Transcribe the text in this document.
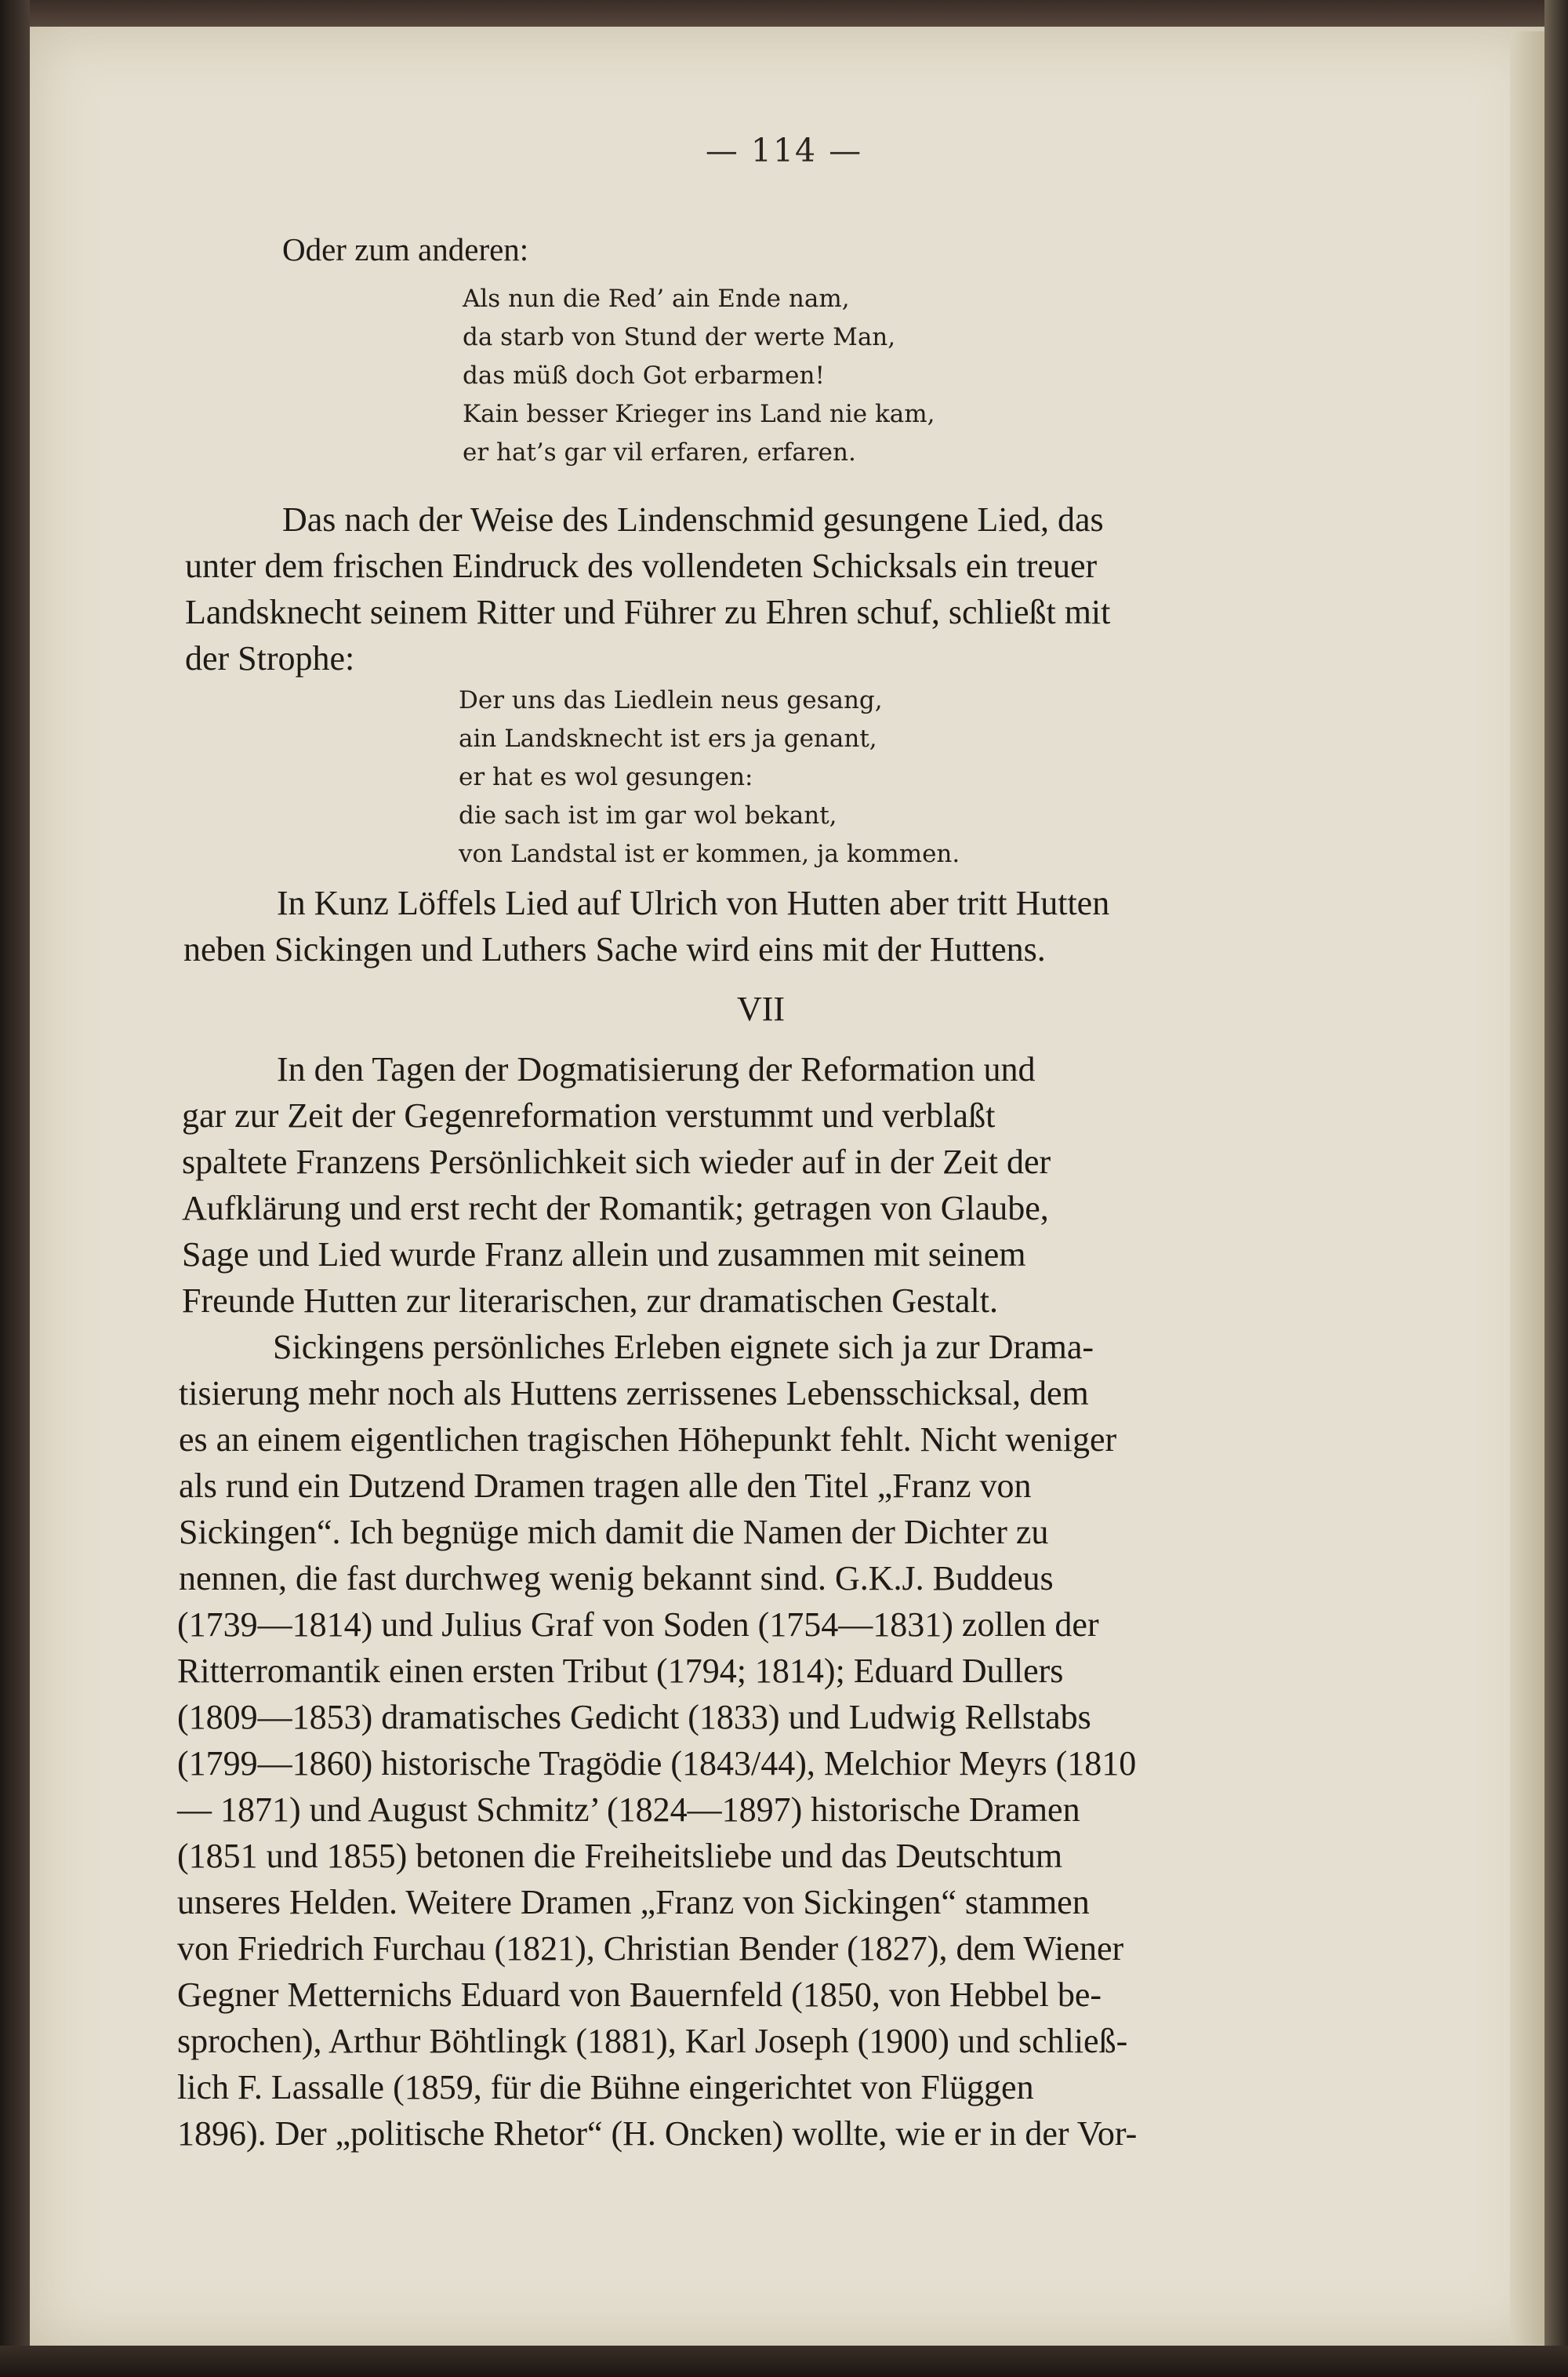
— 114 —

Oder zum anderen:

Als nun die Red’ ain Ende nam,

da starb von Stund der werte Man,

das müß doch Got erbarmen!

Kain besser Krieger ins Land nie kam,

er hat’s gar vil erfaren, erfaren.

Das nach der Weise des Lindenschmid gesungene Lied, das

unter dem frischen Eindruck des vollendeten Schicksals ein treuer

Landsknecht seinem Ritter und Führer zu Ehren schuf, schließt mit

der Strophe:

Der uns das Liedlein neus gesang,

ain Landsknecht ist ers ja genant,

er hat es wol gesungen:

die sach ist im gar wol bekant,

von Landstal ist er kommen, ja kommen.

In Kunz Löffels Lied auf Ulrich von Hutten aber tritt Hutten

neben Sickingen und Luthers Sache wird eins mit der Huttens.

VII

In den Tagen der Dogmatisierung der Reformation und

gar zur Zeit der Gegenreformation verstummt und verblaßt

spaltete Franzens Persönlichkeit sich wieder auf in der Zeit der

Aufklärung und erst recht der Romantik; getragen von Glaube,

Sage und Lied wurde Franz allein und zusammen mit seinem

Freunde Hutten zur literarischen, zur dramatischen Gestalt.

Sickingens persönliches Erleben eignete sich ja zur Drama-

tisierung mehr noch als Huttens zerrissenes Lebensschicksal, dem

es an einem eigentlichen tragischen Höhepunkt fehlt. Nicht weniger

als rund ein Dutzend Dramen tragen alle den Titel „Franz von

Sickingen“. Ich begnüge mich damit die Namen der Dichter zu

nennen, die fast durchweg wenig bekannt sind. G.K.J. Buddeus

(1739—1814) und Julius Graf von Soden (1754—1831) zollen der

Ritterromantik einen ersten Tribut (1794; 1814); Eduard Dullers

(1809—1853) dramatisches Gedicht (1833) und Ludwig Rellstabs

(1799—1860) historische Tragödie (1843/44), Melchior Meyrs (1810

— 1871) und August Schmitz’ (1824—1897) historische Dramen

(1851 und 1855) betonen die Freiheitsliebe und das Deutschtum

unseres Helden. Weitere Dramen „Franz von Sickingen“ stammen

von Friedrich Furchau (1821), Christian Bender (1827), dem Wiener

Gegner Metternichs Eduard von Bauernfeld (1850, von Hebbel be-

sprochen), Arthur Böhtlingk (1881), Karl Joseph (1900) und schließ-

lich F. Lassalle (1859, für die Bühne eingerichtet von Flüggen

1896). Der „politische Rhetor“ (H. Oncken) wollte, wie er in der Vor-
